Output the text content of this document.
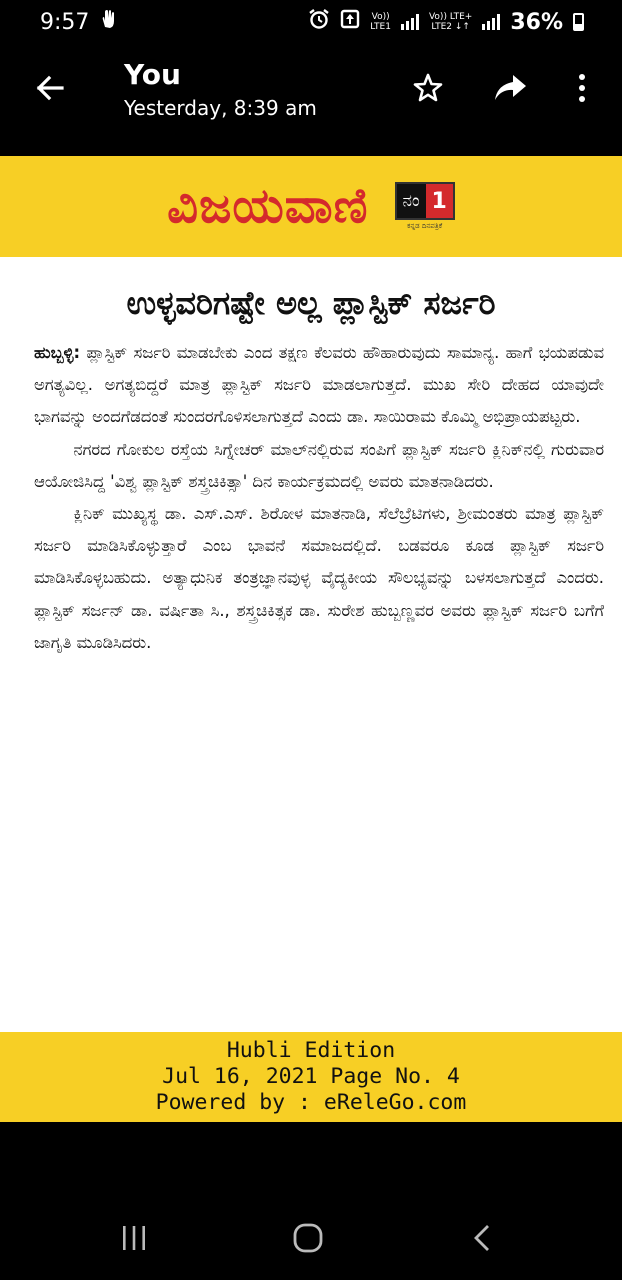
9:57	Vo))
LTE1
Vo)) LTE+
LTE2 ↓↑ 36%
You
Yesterday, 8:39 am
ವಿಜಯವಾಣಿ	ನಂ 1
ಕನ್ನಡ ದಿನಪತ್ರಿಕೆ
ಉಳ್ಳವರಿಗಷ್ಟೇ ಅಲ್ಲ ಪ್ಲಾಸ್ಟಿಕ್ ಸರ್ಜರಿ

ಹುಬ್ಬಳ್ಳಿ: ಪ್ಲಾಸ್ಟಿಕ್ ಸರ್ಜರಿ ಮಾಡಬೇಕು ಎಂದ ತಕ್ಷಣ ಕೆಲವರು ಹೌಹಾರುವುದು ಸಾಮಾನ್ಯ. ಹಾಗೆ ಭಯಪಡುವ ಅಗತ್ಯವಿಲ್ಲ. ಅಗತ್ಯಬಿದ್ದರೆ ಮಾತ್ರ ಪ್ಲಾಸ್ಟಿಕ್ ಸರ್ಜರಿ ಮಾಡಲಾಗುತ್ತದೆ. ಮುಖ ಸೇರಿ ದೇಹದ ಯಾವುದೇ ಭಾಗವನ್ನು ಅಂದಗೆಡದಂತೆ ಸುಂದರಗೊಳಿಸಲಾಗುತ್ತದೆ ಎಂದು ಡಾ. ಸಾಯಿರಾಮ ಕೊಮ್ಮಿ ಅಭಿಪ್ರಾಯಪಟ್ಟರು.

ನಗರದ ಗೋಕುಲ ರಸ್ತೆಯ ಸಿಗ್ನೇಚರ್ ಮಾಲ್‌ನಲ್ಲಿರುವ ಸಂಪಿಗೆ ಪ್ಲಾಸ್ಟಿಕ್ ಸರ್ಜರಿ ಕ್ಲಿನಿಕ್‌ನಲ್ಲಿ ಗುರುವಾರ ಆಯೋಜಿಸಿದ್ದ 'ವಿಶ್ವ ಪ್ಲಾಸ್ಟಿಕ್ ಶಸ್ತ್ರಚಿಕಿತ್ಸಾ' ದಿನ ಕಾರ್ಯಕ್ರಮದಲ್ಲಿ ಅವರು ಮಾತನಾಡಿದರು.

ಕ್ಲಿನಿಕ್ ಮುಖ್ಯಸ್ಥ ಡಾ. ಎಸ್.ಎಸ್. ಶಿರೋಳ ಮಾತನಾಡಿ, ಸೆಲೆಬ್ರೆಟಿಗಳು, ಶ್ರೀಮಂತರು ಮಾತ್ರ ಪ್ಲಾಸ್ಟಿಕ್ ಸರ್ಜರಿ ಮಾಡಿಸಿಕೊಳ್ಳುತ್ತಾರೆ ಎಂಬ ಭಾವನೆ ಸಮಾಜದಲ್ಲಿದೆ. ಬಡವರೂ ಕೂಡ ಪ್ಲಾಸ್ಟಿಕ್ ಸರ್ಜರಿ ಮಾಡಿಸಿಕೊಳ್ಳಬಹುದು. ಅತ್ಯಾಧುನಿಕ ತಂತ್ರಜ್ಞಾನವುಳ್ಳ ವೈದ್ಯಕೀಯ ಸೌಲಭ್ಯವನ್ನು ಬಳಸಲಾಗುತ್ತದೆ ಎಂದರು. ಪ್ಲಾಸ್ಟಿಕ್ ಸರ್ಜನ್ ಡಾ. ವರ್ಷಿತಾ ಸಿ., ಶಸ್ತ್ರಚಿಕಿತ್ಸಕ ಡಾ. ಸುರೇಶ ಹುಬ್ಬಣ್ಣವರ ಅವರು ಪ್ಲಾಸ್ಟಿಕ್ ಸರ್ಜರಿ ಬಗೆಗೆ ಜಾಗೃತಿ ಮೂಡಿಸಿದರು.

Hubli Edition
Jul 16, 2021 Page No. 4
Powered by : eReleGo.com
